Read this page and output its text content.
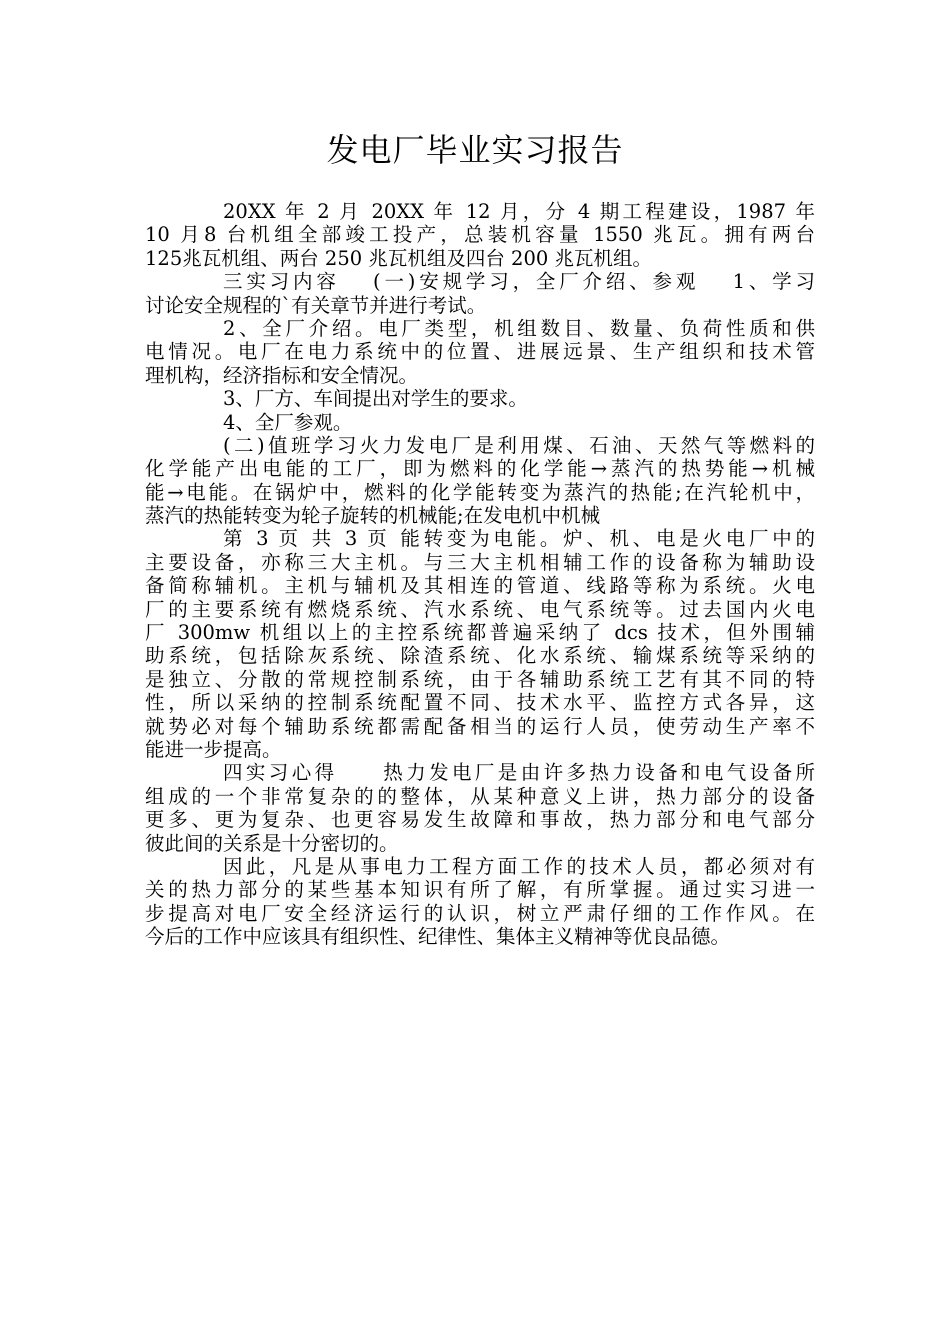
发电厂毕业实习报告
20XX 年 2 月 20XX 年 12 月，分 4 期工程建设，1987 年
10 月8 台机组全部竣工投产，总装机容量 1550 兆瓦。拥有两台
125兆瓦机组、两台 250 兆瓦机组及四台 200 兆瓦机组。
三实习内容　 (一)安规学习，全厂介绍、参观　 1、学习
讨论安全规程的`有关章节并进行考试。
2、全厂介绍。电厂类型，机组数目、数量、负荷性质和供
电情况。电厂在电力系统中的位置、进展远景、生产组织和技术管
理机构，经济指标和安全情况。
3、厂方、车间提出对学生的要求。
4、全厂参观。
(二)值班学习火力发电厂是利用煤、石油、天然气等燃料的
化学能产出电能的工厂，即为燃料的化学能→蒸汽的热势能→机械
能→电能。在锅炉中，燃料的化学能转变为蒸汽的热能;在汽轮机中，
蒸汽的热能转变为轮子旋转的机械能;在发电机中机械
第 3 页 共 3 页 能转变为电能。炉、机、电是火电厂中的
主要设备，亦称三大主机。与三大主机相辅工作的设备称为辅助设
备简称辅机。主机与辅机及其相连的管道、线路等称为系统。火电
厂的主要系统有燃烧系统、汽水系统、电气系统等。过去国内火电
厂 300mw 机组以上的主控系统都普遍采纳了 dcs 技术，但外围辅
助系统，包括除灰系统、除渣系统、化水系统、输煤系统等采纳的
是独立、分散的常规控制系统，由于各辅助系统工艺有其不同的特
性，所以采纳的控制系统配置不同、技术水平、监控方式各异，这
就势必对每个辅助系统都需配备相当的运行人员，使劳动生产率不
能进一步提高。
四实习心得　　热力发电厂是由许多热力设备和电气设备所
组成的一个非常复杂的的整体，从某种意义上讲，热力部分的设备
更多、更为复杂、也更容易发生故障和事故，热力部分和电气部分
彼此间的关系是十分密切的。
因此，凡是从事电力工程方面工作的技术人员，都必须对有
关的热力部分的某些基本知识有所了解，有所掌握。通过实习进一
步提高对电厂安全经济运行的认识，树立严肃仔细的工作作风。在
今后的工作中应该具有组织性、纪律性、集体主义精神等优良品德。
